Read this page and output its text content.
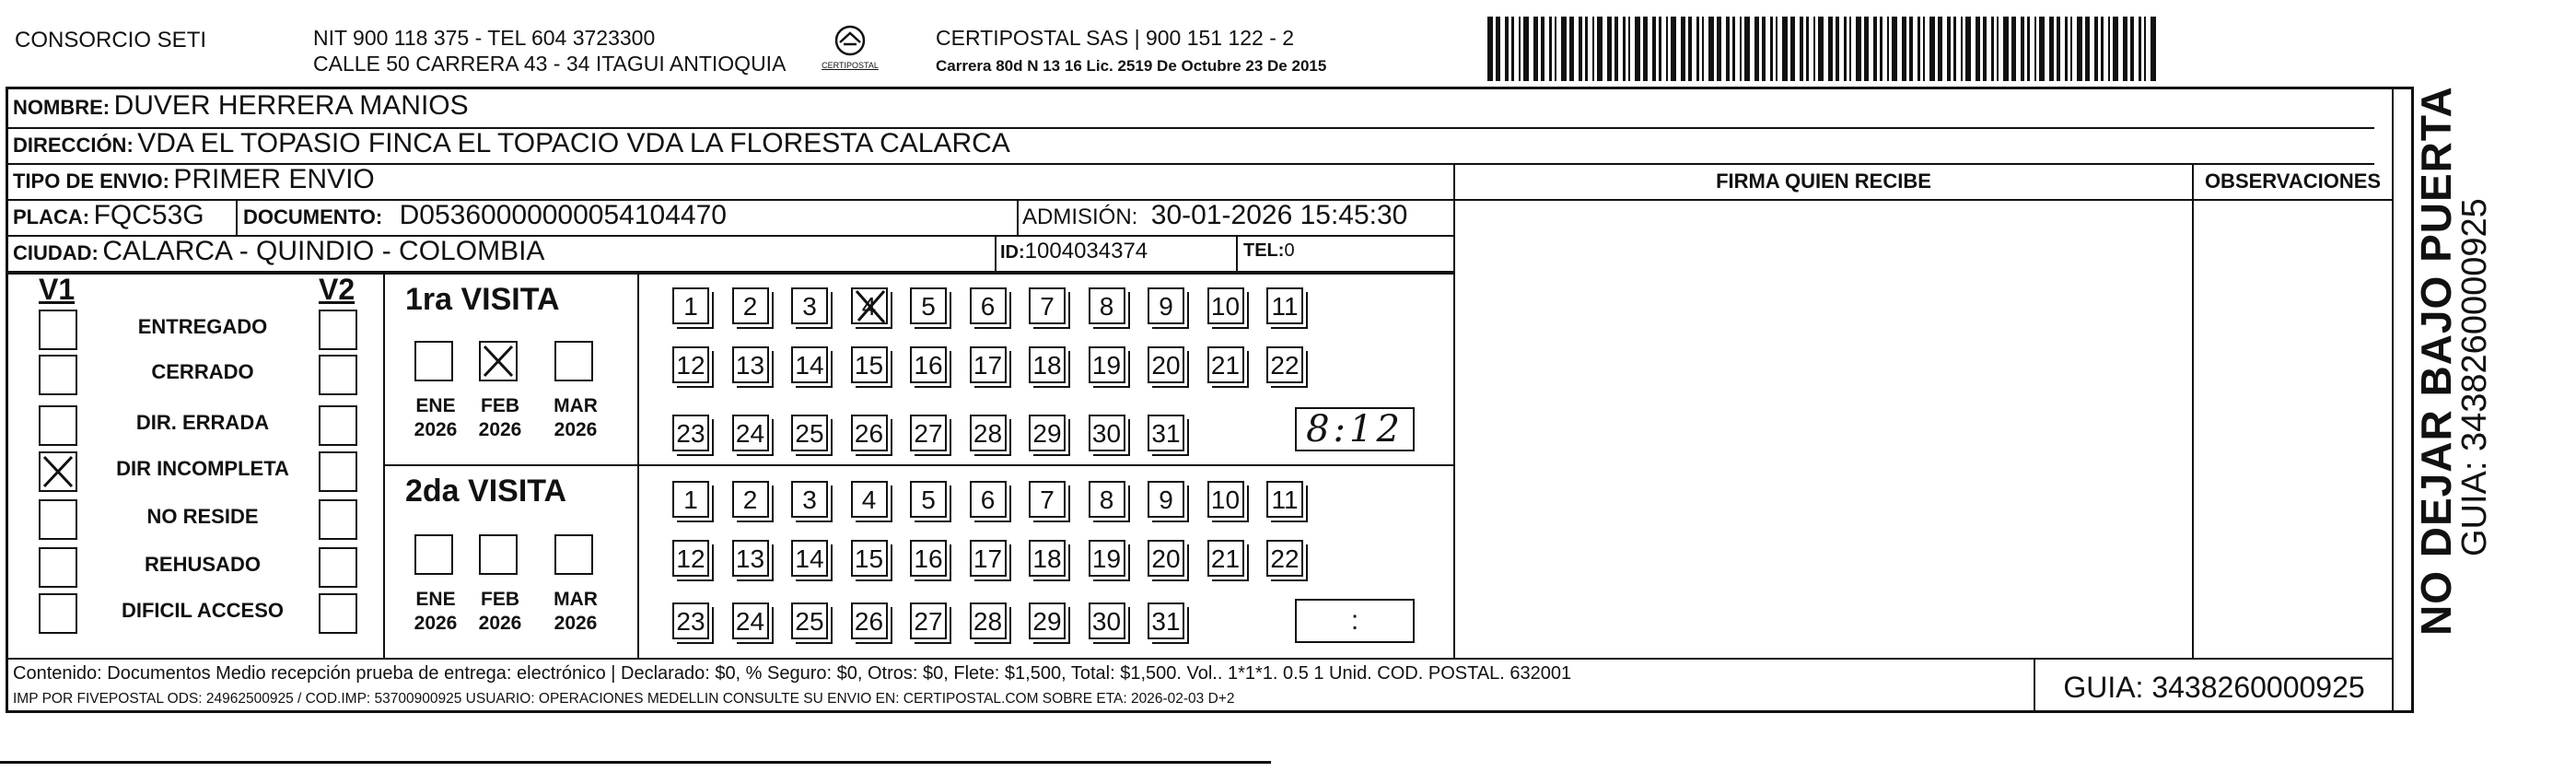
CONSORCIO SETI	NIT 900 118 375 - TEL 604 3723300
CALLE 50 CARRERA 43 - 34 ITAGUI ANTIOQUIA	CERTIPOSTAL
CERTIPOSTAL SAS | 900 151 122 - 2
Carrera 80d N 13 16 Lic. 2519 De Octubre 23 De 2015
NOMBRE: DUVER HERRERA MANIOS
DIRECCIÓN: VDA EL TOPASIO FINCA EL TOPACIO VDA LA FLORESTA CALARCA
TIPO DE ENVIO: PRIMER ENVIO	FIRMA QUIEN RECIBE	OBSERVACIONES
PLACA: FQC53G DOCUMENTO: D05360000000054104470	ADMISIÓN: 30-01-2026 15:45:30
CIUDAD: CALARCA - QUINDIO - COLOMBIA	ID:1004034374	TEL:0
V1	V2
ENTREGADO
CERRADO
DIR. ERRADA
DIR INCOMPLETA
NO RESIDE
REHUSADO
DIFICIL ACCESO
1ra VISITA
2da VISITA
ENE
2026
FEB
2026
MAR
2026
ENE
2026
FEB
2026
MAR
2026
1	2	3	4	5	6	7	8	9	10 11
12 13 14 15 16 17 18 19 20 21 22
23 24 25 26 27 28 29 30 31
1	2	3	4	5	6	7	8	9	10 11
12 13 14 15 16 17 18 19 20 21 22
23 24 25 26 27 28 29 30 31
8:12
:
Contenido: Documentos Medio recepción prueba de entrega: electrónico | Declarado: $0, % Seguro: $0, Otros: $0, Flete: $1,500, Total: $1,500. Vol.. 1*1*1. 0.5 1 Unid. COD. POSTAL. 632001
IMP POR FIVEPOSTAL ODS: 24962500925 / COD.IMP: 53700900925 USUARIO: OPERACIONES MEDELLIN CONSULTE SU ENVIO EN: CERTIPOSTAL.COM SOBRE ETA: 2026-02-03 D+2	GUIA: 3438260000925
NO DEJAR BAJO PUERTA
GUIA: 3438260000925
